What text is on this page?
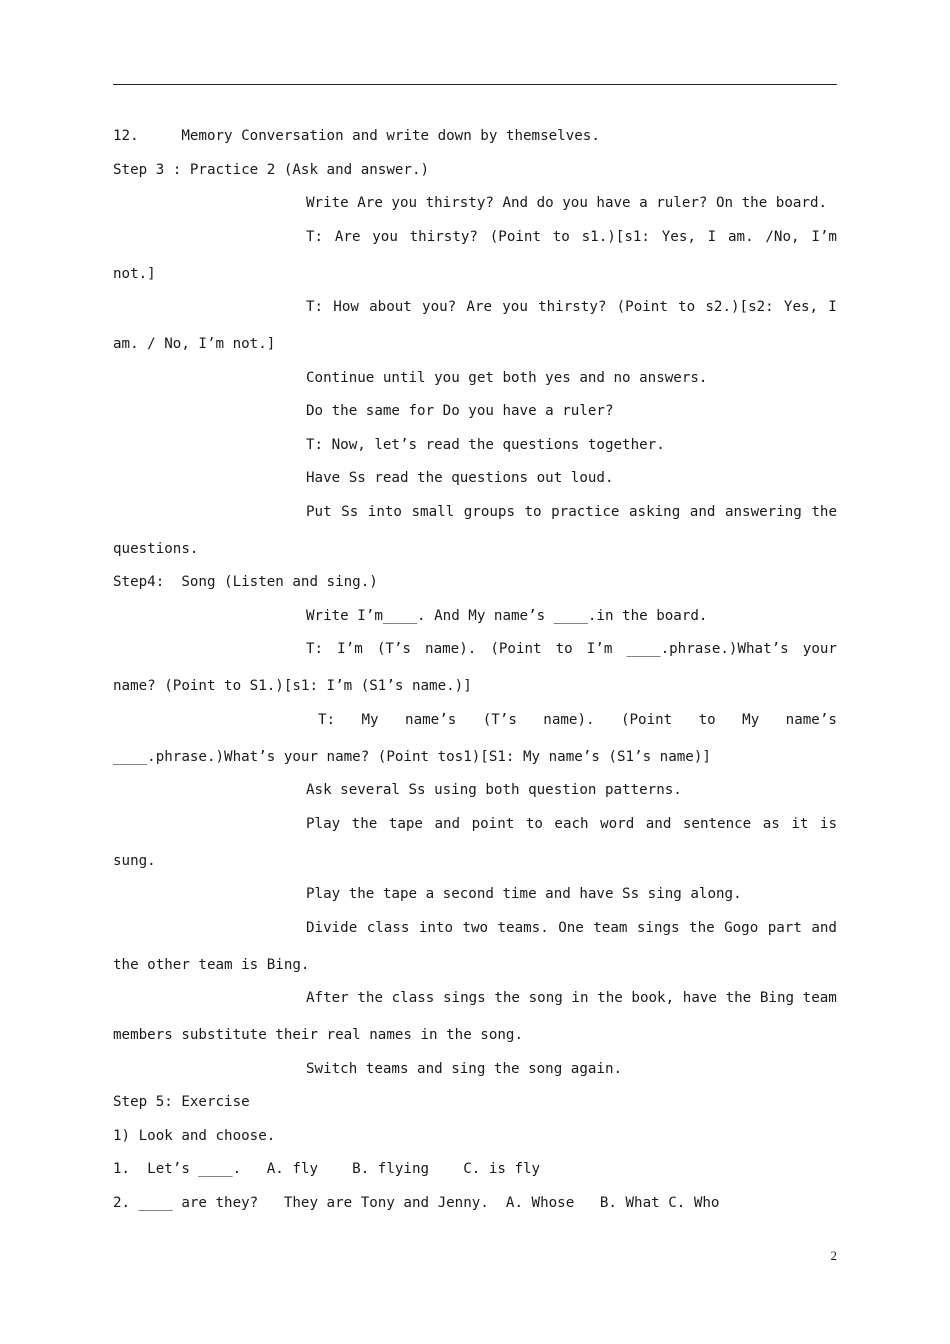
12.     Memory Conversation and write down by themselves.
Step 3 : Practice 2 (Ask and answer.)
Write Are you thirsty? And do you have a ruler? On the board.
T: Are you thirsty? (Point to s1.)[s1: Yes, I am. /No, I’m
not.]
T: How about you? Are you thirsty? (Point to s2.)[s2: Yes, I
am. / No, I’m not.]
Continue until you get both yes and no answers.
Do the same for Do you have a ruler?
T: Now, let’s read the questions together.
Have Ss read the questions out loud.
Put Ss into small groups to practice asking and answering the
questions.
Step4:  Song (Listen and sing.)
Write I’m____. And My name’s ____.in the board.
T: I’m (T’s name). (Point to I’m ____.phrase.)What’s your
name? (Point to S1.)[s1: I’m (S1’s name.)]
T: My name’s (T’s name). (Point to My name’s
____.phrase.)What’s your name? (Point tos1)[S1: My name’s (S1’s name)]
Ask several Ss using both question patterns.
Play the tape and point to each word and sentence as it is
sung.
Play the tape a second time and have Ss sing along.
Divide class into two teams. One team sings the Gogo part and
the other team is Bing.
After the class sings the song in the book, have the Bing team
members substitute their real names in the song.
Switch teams and sing the song again.
Step 5: Exercise
1) Look and choose.
1.  Let’s ____.   A. fly    B. flying    C. is fly
2. ____ are they?   They are Tony and Jenny.  A. Whose   B. What C. Who
2
